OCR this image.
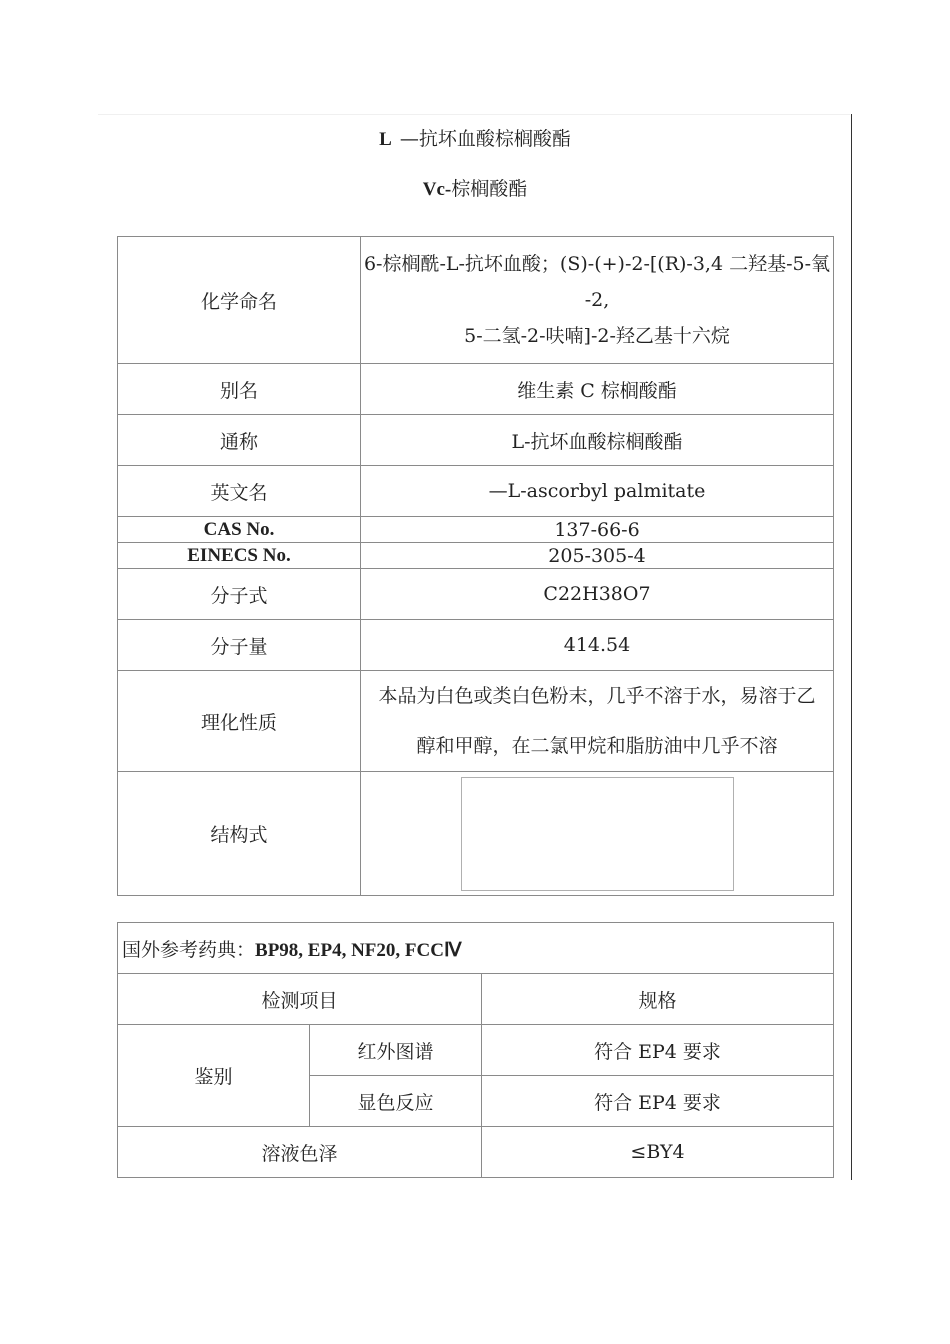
L —抗坏血酸棕榈酸酯
Vc-棕榈酸酯
化学命名	6-棕榈酰-L-抗坏血酸；(S)-(+)-2-[(R)-3,4 二羟基-5-氧
-2,
5-二氢-2-呋喃]-2-羟乙基十六烷

别名	维生素 C 棕榈酸酯
通称	L-抗坏血酸棕榈酸酯
英文名	—L-ascorbyl palmitate
CAS No.	137-66-6
EINECS No.	205-305-4
分子式	C22H38O7
分子量	414.54
理化性质	本品为白色或类白色粉末，几乎不溶于水，易溶于乙
醇和甲醇，在二氯甲烷和脂肪油中几乎不溶

结构式	
国外参考药典：BP98, EP4, NF20, FCCⅣ		
检测项目		规格
鉴别	红外图谱	符合 EP4 要求
	显色反应	符合 EP4 要求
溶液色泽		≤BY4
